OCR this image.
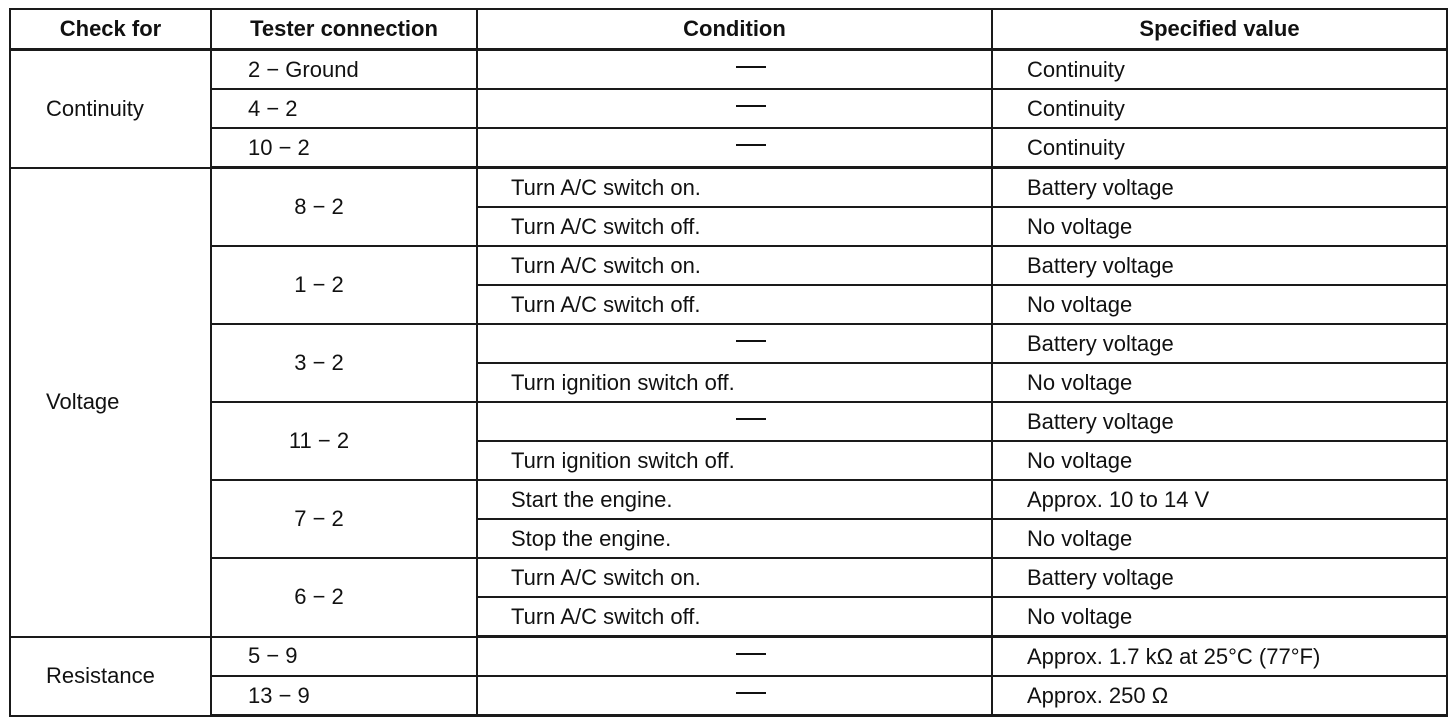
Check for	Tester connection	Condition	Specified value
Continuity	2 − Ground		Continuity
	4 − 2		Continuity
	10 − 2		Continuity
Voltage	8 − 2	Turn A/C switch on.	Battery voltage
		Turn A/C switch off.	No voltage
	1 − 2	Turn A/C switch on.	Battery voltage
		Turn A/C switch off.	No voltage
	3 − 2		Battery voltage
		Turn ignition switch off.	No voltage
	11 − 2		Battery voltage
		Turn ignition switch off.	No voltage
	7 − 2	Start the engine.	Approx. 10 to 14 V
		Stop the engine.	No voltage
	6 − 2	Turn A/C switch on.	Battery voltage
		Turn A/C switch off.	No voltage
Resistance	5 − 9		Approx. 1.7 kΩ at 25°C (77°F)
	13 − 9		Approx. 250 Ω
